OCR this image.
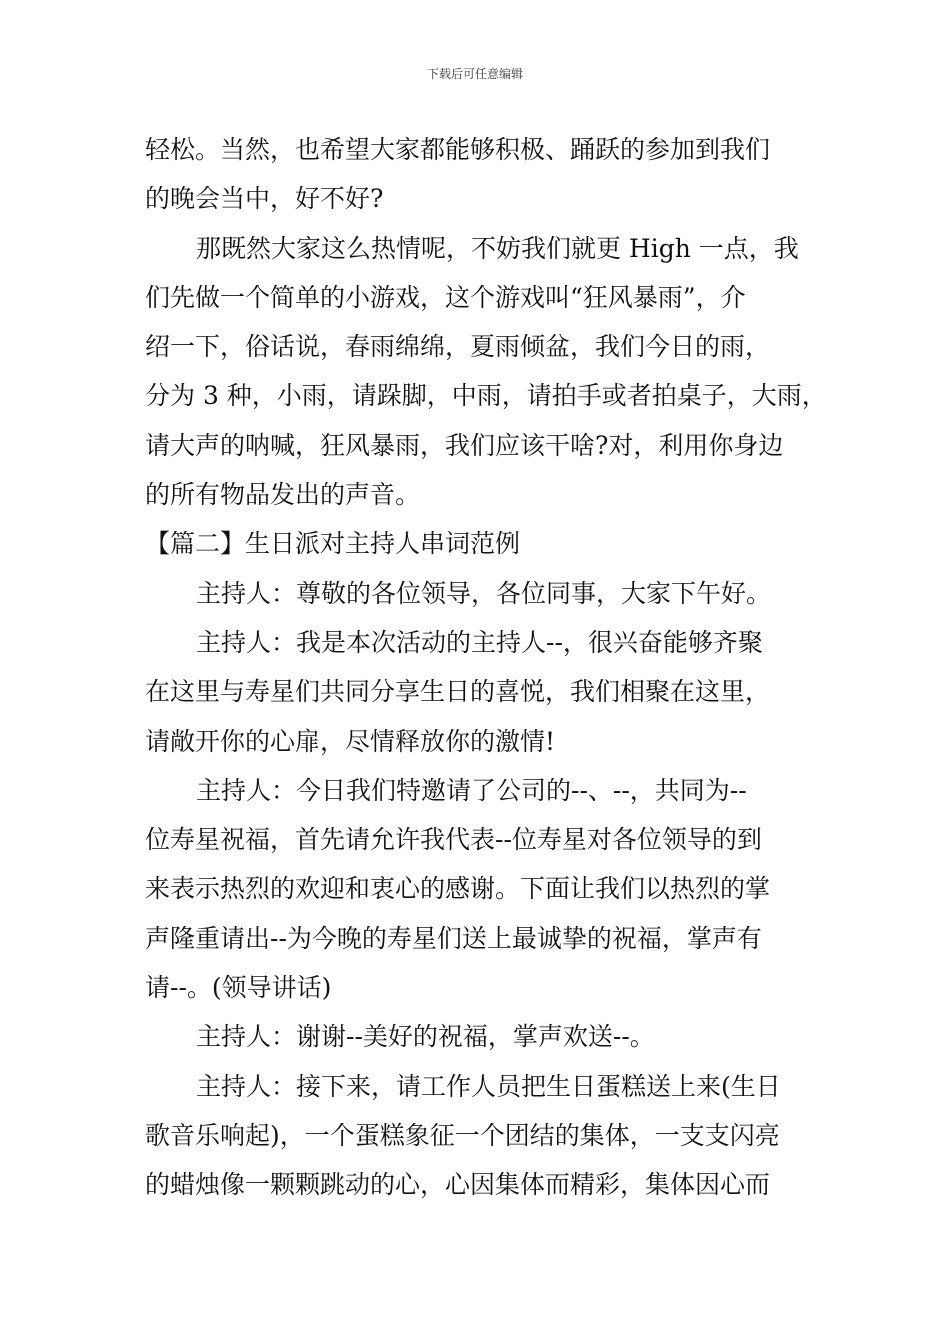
下载后可任意编辑
轻松。当然，也希望大家都能够积极、踊跃的参加到我们
的晚会当中，好不好?
那既然大家这么热情呢，不妨我们就更 High 一点，我
们先做一个简单的小游戏，这个游戏叫“狂风暴雨”，介
绍一下，俗话说，春雨绵绵，夏雨倾盆，我们今日的雨，
分为 3 种，小雨，请跺脚，中雨，请拍手或者拍桌子，大雨，
请大声的呐喊，狂风暴雨，我们应该干啥?对，利用你身边
的所有物品发出的声音。
【篇二】生日派对主持人串词范例
主持人：尊敬的各位领导，各位同事，大家下午好。
主持人：我是本次活动的主持人--，很兴奋能够齐聚
在这里与寿星们共同分享生日的喜悦，我们相聚在这里，
请敞开你的心扉，尽情释放你的激情!
主持人：今日我们特邀请了公司的--、--，共同为--
位寿星祝福，首先请允许我代表--位寿星对各位领导的到
来表示热烈的欢迎和衷心的感谢。下面让我们以热烈的掌
声隆重请出--为今晚的寿星们送上最诚挚的祝福，掌声有
请--。(领导讲话)
主持人：谢谢--美好的祝福，掌声欢送--。
主持人：接下来，请工作人员把生日蛋糕送上来(生日
歌音乐响起)，一个蛋糕象征一个团结的集体，一支支闪亮
的蜡烛像一颗颗跳动的心，心因集体而精彩，集体因心而
